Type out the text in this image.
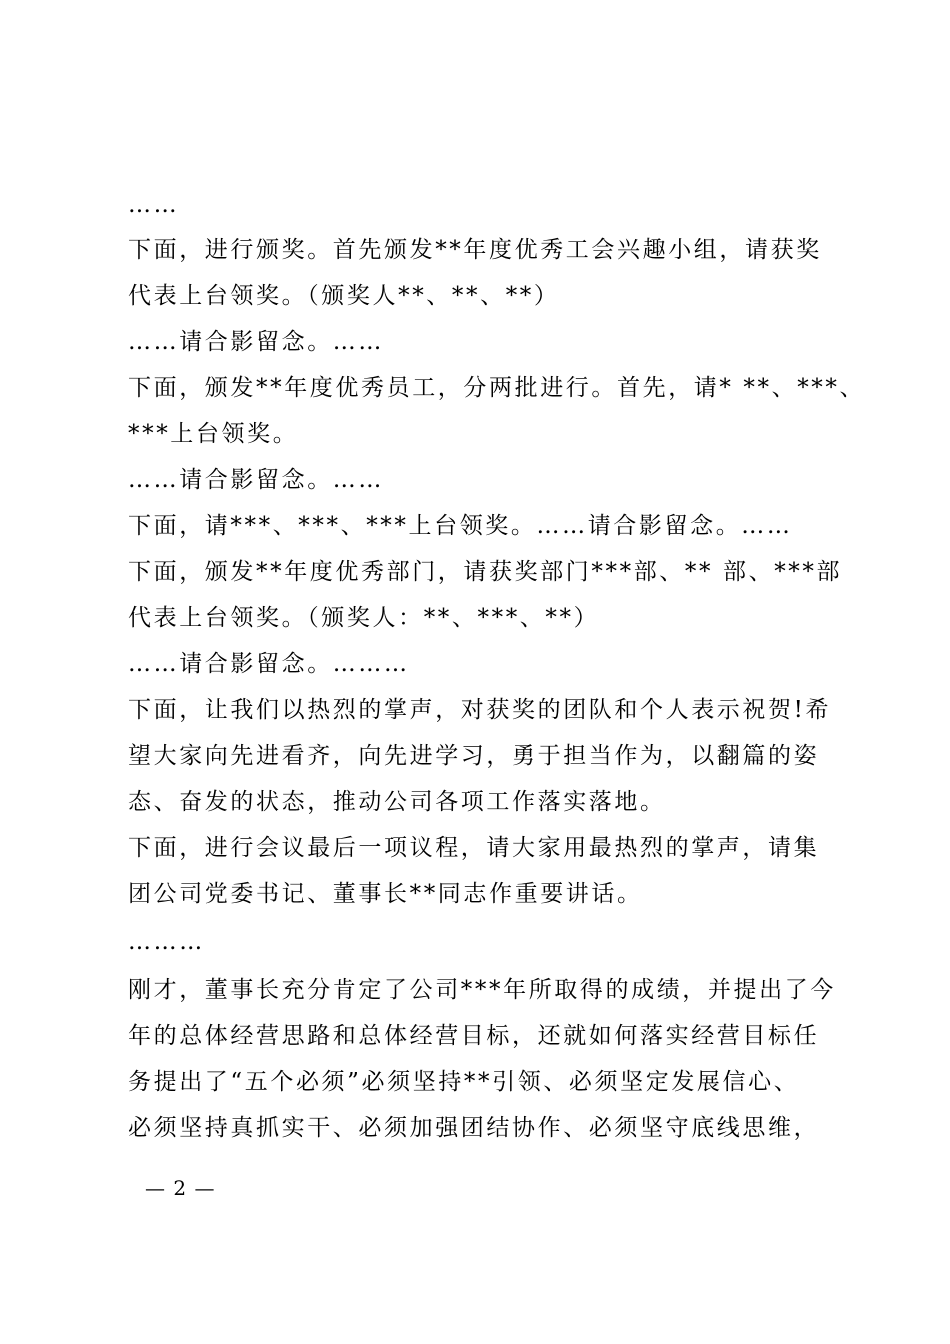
……
下面，进行颁奖。首先颁发**年度优秀工会兴趣小组，请获奖
代表上台领奖。（颁奖人**、**、**）
……请合影留念。……
下面，颁发**年度优秀员工，分两批进行。首先，请* **、***、
***上台领奖。
……请合影留念。……
下面，请***、***、***上台领奖。……请合影留念。……
下面，颁发**年度优秀部门，请获奖部门***部、** 部、***部
代表上台领奖。（颁奖人：**、***、**）
……请合影留念。………
下面，让我们以热烈的掌声，对获奖的团队和个人表示祝贺!希
望大家向先进看齐，向先进学习，勇于担当作为，以翻篇的姿
态、奋发的状态，推动公司各项工作落实落地。
下面，进行会议最后一项议程，请大家用最热烈的掌声，请集
团公司党委书记、董事长**同志作重要讲话。
………
刚才，董事长充分肯定了公司***年所取得的成绩，并提出了今
年的总体经营思路和总体经营目标，还就如何落实经营目标任
务提出了“五个必须”必须坚持**引领、必须坚定发展信心、
必须坚持真抓实干、必须加强团结协作、必须坚守底线思维，
— 2 —
